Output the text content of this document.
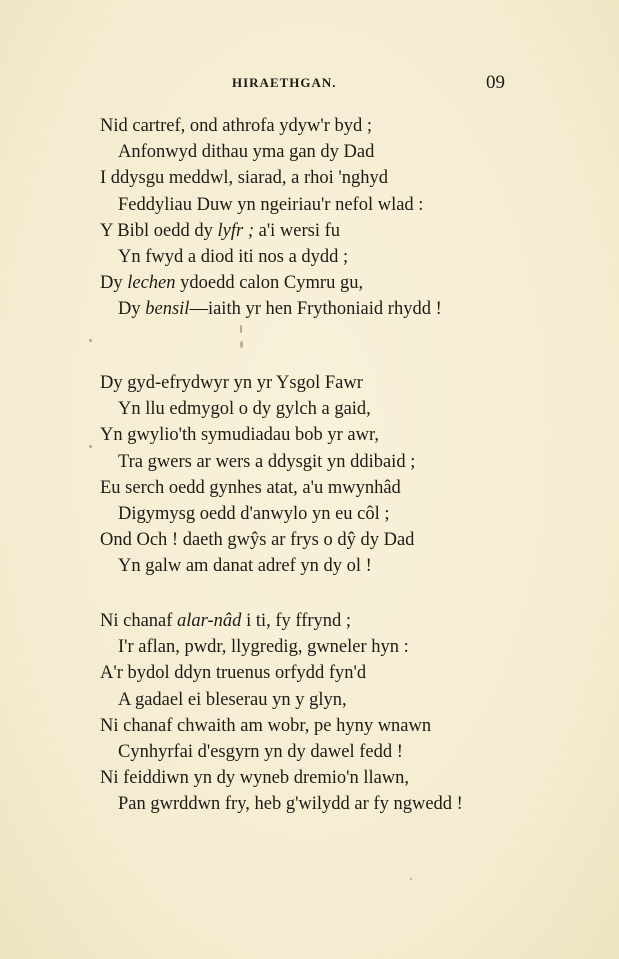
HIRAETHGAN.	09
Nid cartref, ond athrofa ydyw'r byd ;
Anfonwyd dithau yma gan dy Dad
I ddysgu meddwl, siarad, a rhoi 'nghyd
Feddyliau Duw yn ngeiriau'r nefol wlad :
Y Bibl oedd dy lyfr ; a'i wersi fu
Yn fwyd a diod iti nos a dydd ;
Dy lechen ydoedd calon Cymru gu,
Dy bensil—iaith yr hen Frythoniaid rhydd !
Dy gyd-efrydwyr yn yr Ysgol Fawr
Yn llu edmygol o dy gylch a gaid,
Yn gwylio'th symudiadau bob yr awr,
Tra gwers ar wers a ddysgit yn ddibaid ;
Eu serch oedd gynhes atat, a'u mwynhâd
Digymysg oedd d'anwylo yn eu côl ;
Ond Och ! daeth gwŷs ar frys o dŷ dy Dad
Yn galw am danat adref yn dy ol !
Ni chanaf alar-nâd i ti, fy ffrynd ;
I'r aflan, pwdr, llygredig, gwneler hyn :
A'r bydol ddyn truenus orfydd fyn'd
A gadael ei bleserau yn y glyn,
Ni chanaf chwaith am wobr, pe hyny wnawn
Cynhyrfai d'esgyrn yn dy dawel fedd !
Ni feiddiwn yn dy wyneb dremio'n llawn,
Pan gwrddwn fry, heb g'wilydd ar fy ngwedd !
